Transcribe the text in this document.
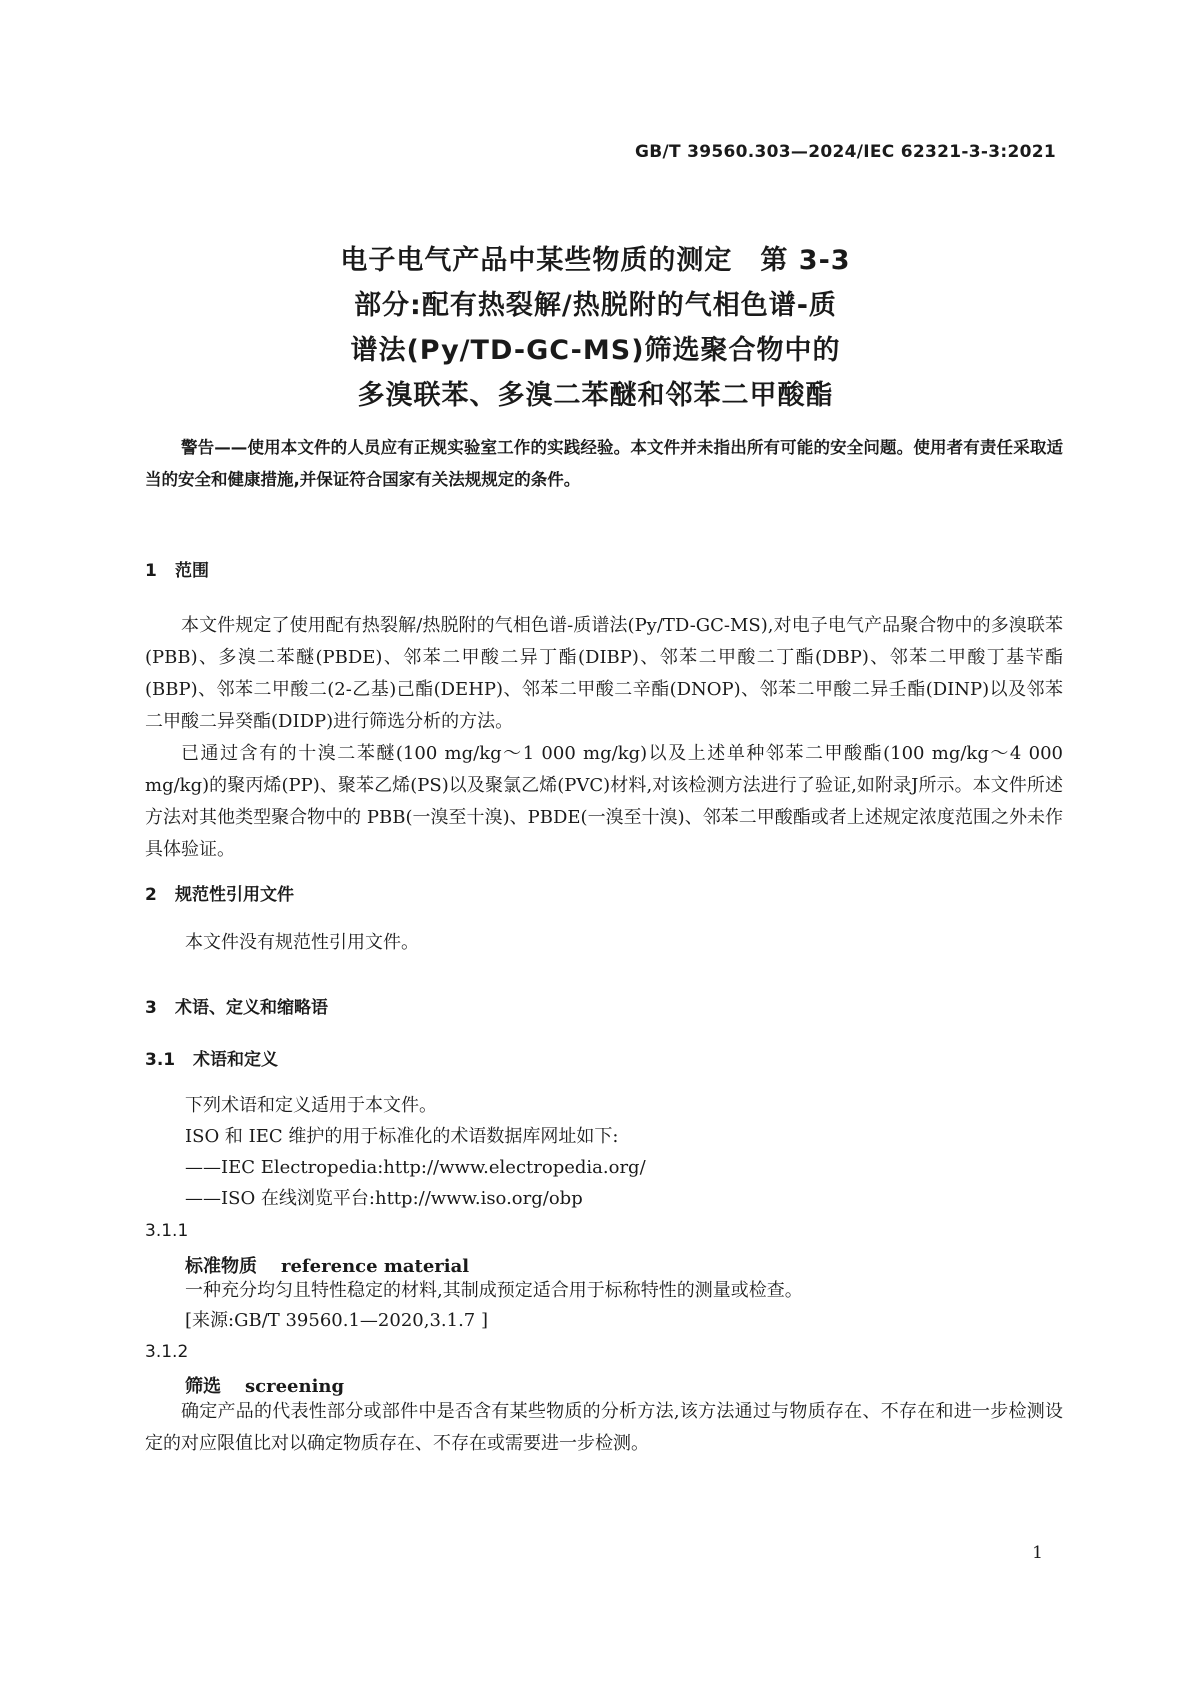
GB/T 39560.303—2024/IEC 62321-3-3:2021
电子电气产品中某些物质的测定　第 3-3
部分:配有热裂解/热脱附的气相色谱-质
谱法(Py/TD-GC-MS)筛选聚合物中的
多溴联苯、多溴二苯醚和邻苯二甲酸酯

警告——使用本文件的人员应有正规实验室工作的实践经验。本文件并未指出所有可能的安全问题。使用者有责任采取适当的安全和健康措施,并保证符合国家有关法规规定的条件。

1 范围

本文件规定了使用配有热裂解/热脱附的气相色谱-质谱法(Py/TD-GC-MS),对电子电气产品聚合物中的多溴联苯(PBB)、多溴二苯醚(PBDE)、邻苯二甲酸二异丁酯(DIBP)、邻苯二甲酸二丁酯(DBP)、邻苯二甲酸丁基苄酯(BBP)、邻苯二甲酸二(2-乙基)己酯(DEHP)、邻苯二甲酸二辛酯(DNOP)、邻苯二甲酸二异壬酯(DINP)以及邻苯二甲酸二异癸酯(DIDP)进行筛选分析的方法。

已通过含有的十溴二苯醚(100 mg/kg～1 000 mg/kg)以及上述单种邻苯二甲酸酯(100 mg/kg～4 000 mg/kg)的聚丙烯(PP)、聚苯乙烯(PS)以及聚氯乙烯(PVC)材料,对该检测方法进行了验证,如附录J所示。本文件所述方法对其他类型聚合物中的 PBB(一溴至十溴)、PBDE(一溴至十溴)、邻苯二甲酸酯或者上述规定浓度范围之外未作具体验证。

2 规范性引用文件
本文件没有规范性引用文件。
3 术语、定义和缩略语
3.1 术语和定义
下列术语和定义适用于本文件。
ISO 和 IEC 维护的用于标准化的术语数据库网址如下:
——IEC Electropedia:http://www.electropedia.org/
——ISO 在线浏览平台:http://www.iso.org/obp
3.1.1
标准物质 reference material
一种充分均匀且特性稳定的材料,其制成预定适合用于标称特性的测量或检查。
[来源:GB/T 39560.1—2020,3.1.7 ]
3.1.2
筛选 screening

确定产品的代表性部分或部件中是否含有某些物质的分析方法,该方法通过与物质存在、不存在和进一步检测设定的对应限值比对以确定物质存在、不存在或需要进一步检测。

1
